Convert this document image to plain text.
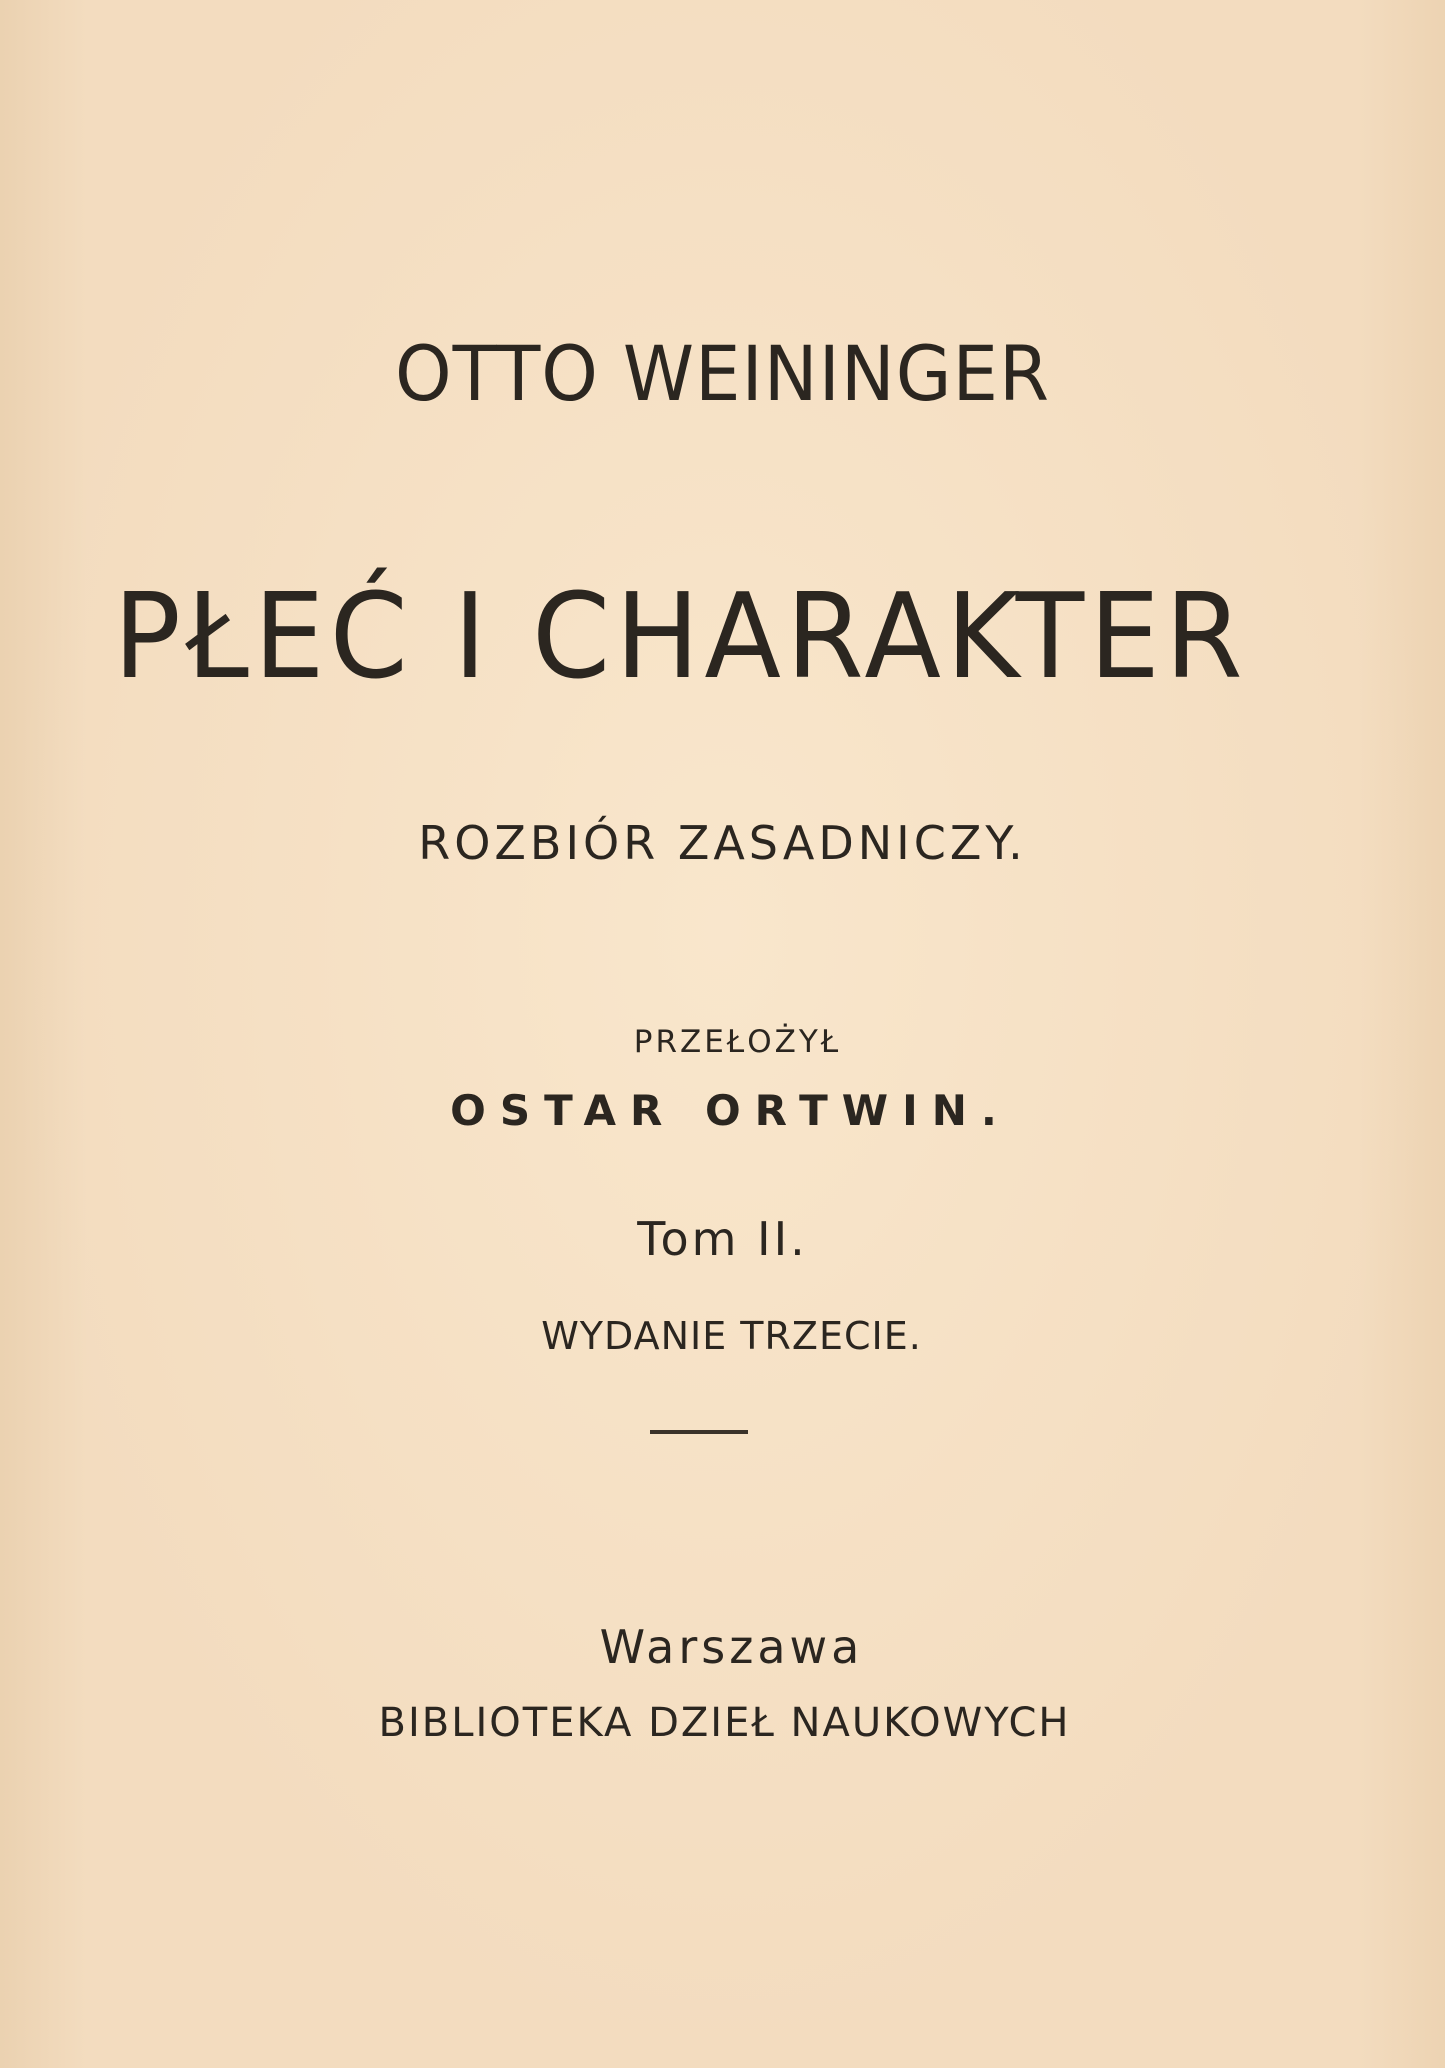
OTTO WEININGER
PŁEĆ I CHARAKTER
ROZBIÓR ZASADNICZY.
PRZEŁOŻYŁ
OSTAR ORTWIN.
Tom II.
WYDANIE TRZECIE.
Warszawa
BIBLIOTEKA DZIEŁ NAUKOWYCH
